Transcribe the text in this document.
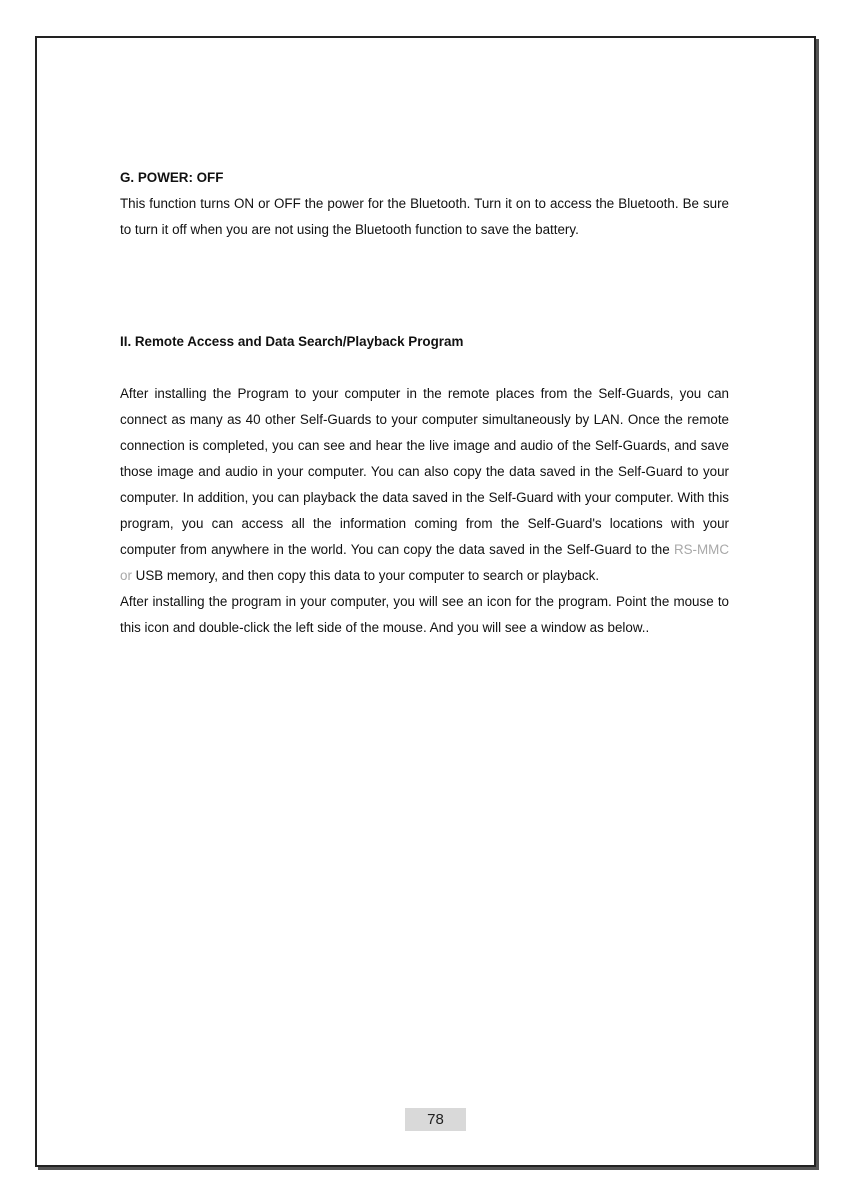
G. POWER: OFF

This function turns ON or OFF the power for the Bluetooth. Turn it on to access the Bluetooth. Be sure to turn it off when you are not using the Bluetooth function to save the battery.

II. Remote Access and Data Search/Playback Program

After installing the Program to your computer in the remote places from the Self-Guards, you can connect as many as 40 other Self-Guards to your computer simultaneously by LAN. Once the remote connection is completed, you can see and hear the live image and audio of the Self-Guards, and save those image and audio in your computer. You can also copy the data saved in the Self-Guard to your computer. In addition, you can playback the data saved in the Self-Guard with your computer. With this program, you can access all the information coming from the Self-Guard's locations with your computer from anywhere in the world. You can copy the data saved in the Self-Guard to the RS-MMC or USB memory, and then copy this data to your computer to search or playback.

After installing the program in your computer, you will see an icon for the program. Point the mouse to this icon and double-click the left side of the mouse. And you will see a window as below..

78
